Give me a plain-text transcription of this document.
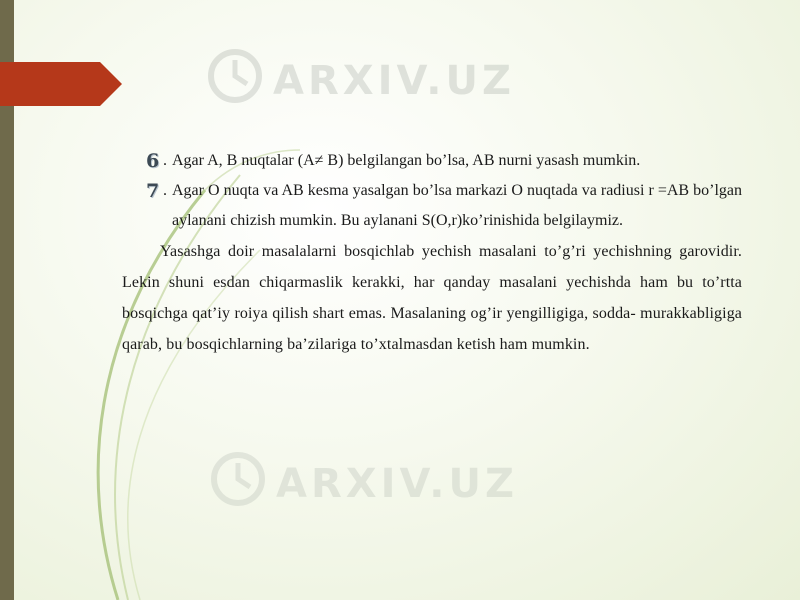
ARXIV.UZ
ARXIV.UZ

6 . Agar A, B nuqtalar (A≠ B) belgilangan bo’lsa, AB nurni yasash mumkin.

7 . Agar O nuqta va AB kesma yasalgan bo’lsa markazi O nuqtada va radiusi r =AB bo’lgan aylanani chizish mumkin. Bu aylanani S(O,r)ko’rinishida belgilaymiz.

Yasashga doir masalalarni bosqichlab yechish masalani to’g’ri yechishning garovidir. Lekin shuni esdan chiqarmaslik kerakki, har qanday masalani yechishda ham bu to’rtta bosqichga qat’iy roiya qilish shart emas. Masalaning og’ir yengilligiga, sodda- murakkabligiga qarab, bu bosqichlarning ba’zilariga to’xtalmasdan ketish ham mumkin.
